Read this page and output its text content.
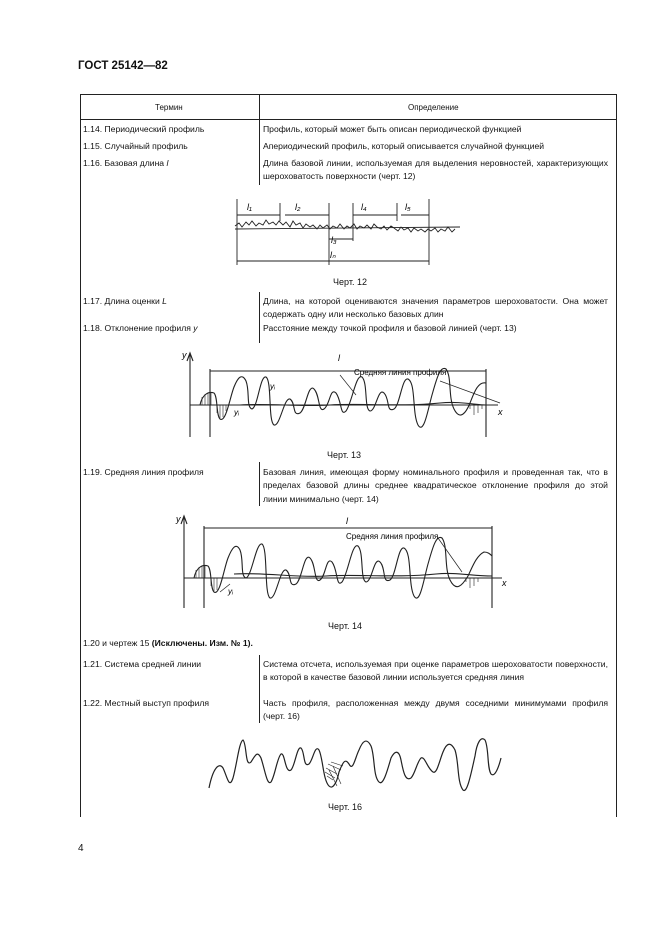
ГОСТ 25142—82
Термин	Определение
1.14. Периодический профиль	Профиль, который может быть описан периодической функцией
1.15. Случайный профиль	Апериодический профиль, который описывается случайной функцией
1.16. Базовая длина l	Длина базовой линии, используемая для выделения неровностей, характеризующих шероховатость поверхности (черт. 12)
l₁	l₂
l₃
l₄	l₅
lₙ
Черт. 12
1.17. Длина оценки L	Длина, на которой оцениваются значения параметров шероховатости. Она может содержать одну или несколько базовых длин
1.18. Отклонение профиля y	Расстояние между точкой профиля и базовой линией (черт. 13)
y
x
l
Средняя линия профиля
yᵢ
yᵢ
Черт. 13
1.19. Средняя линия профиля	Базовая линия, имеющая форму номинального профиля и проведенная так, что в пределах базовой длины среднее квадратическое отклонение профиля до этой линии минимально (черт. 14)
y
x
l
Средняя линия профиля
yᵢ
Черт. 14
1.20 и чертеж 15 (Исключены. Изм. № 1).
1.21. Система средней линии	Система отсчета, используемая при оценке параметров шероховатости поверхности, в которой в качестве базовой линии используется средняя линия
1.22. Местный выступ профиля	Часть профиля, расположенная между двумя соседними минимумами профиля (черт. 16)
Черт. 16
4
